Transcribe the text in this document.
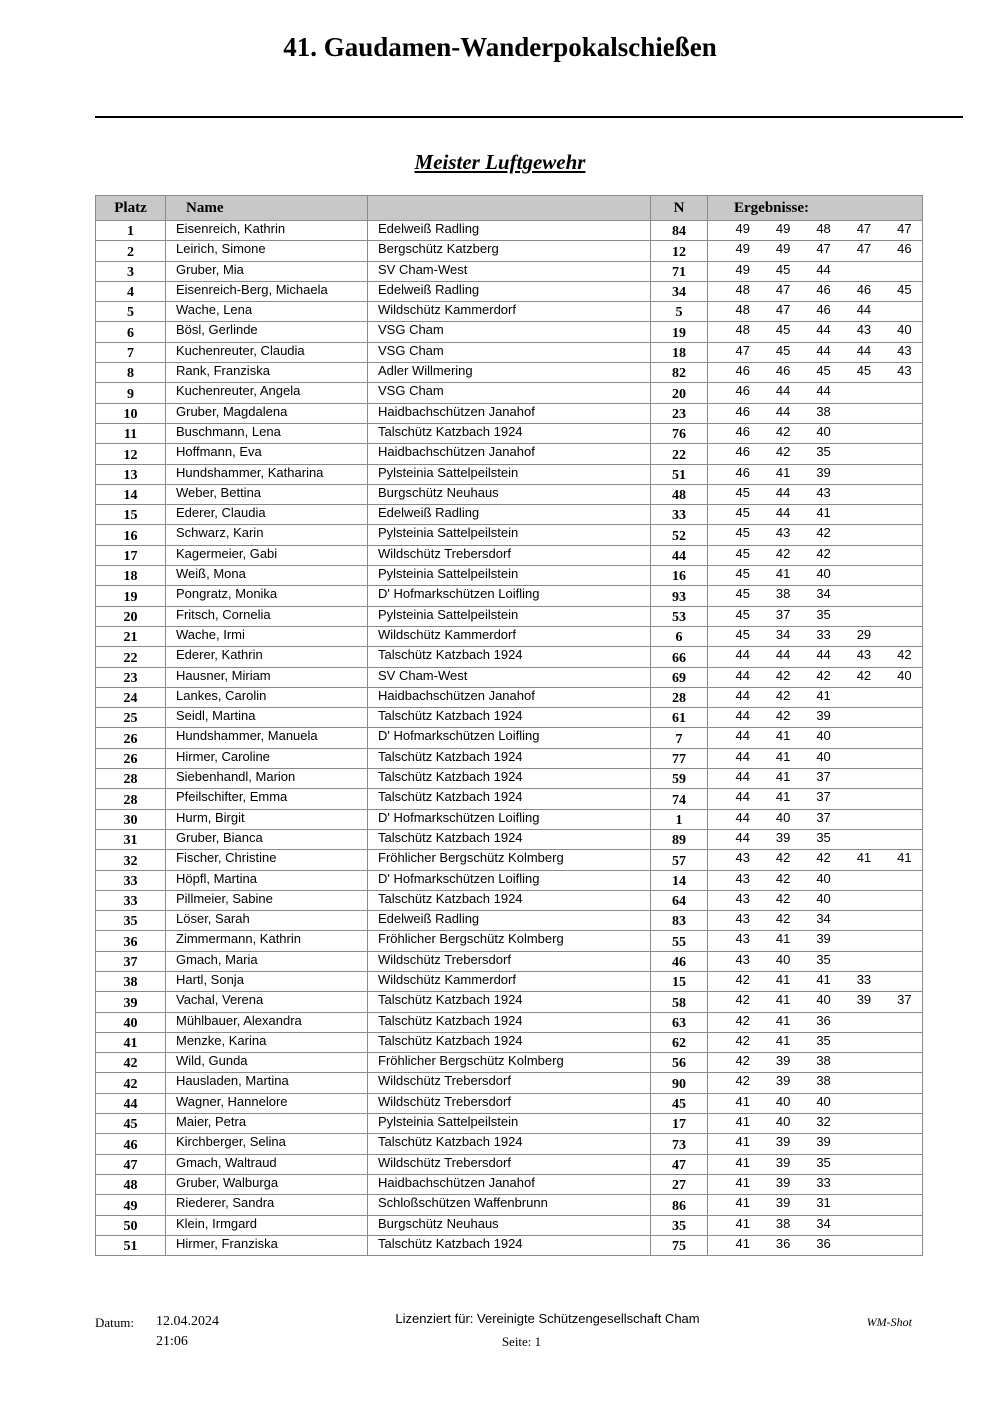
41. Gaudamen-Wanderpokalschießen
Meister Luftgewehr
Platz	Name		N	Ergebnisse:
1	Eisenreich, Kathrin	Edelweiß Radling	84	49 49 48 47 47

2	Leirich, Simone	Bergschütz Katzberg	12	49 49 47 47 46

3	Gruber, Mia	SV Cham-West	71	49 45 44

4	Eisenreich-Berg, Michaela	Edelweiß Radling	34	48 47 46 46 45

5	Wache, Lena	Wildschütz Kammerdorf	5	48 47 46 44

6	Bösl, Gerlinde	VSG Cham	19	48 45 44 43 40

7	Kuchenreuter, Claudia	VSG Cham	18	47 45 44 44 43

8	Rank, Franziska	Adler Willmering	82	46 46 45 45 43

9	Kuchenreuter, Angela	VSG Cham	20	46 44 44

10	Gruber, Magdalena	Haidbachschützen Janahof	23	46 44 38

11	Buschmann, Lena	Talschütz Katzbach 1924	76	46 42 40

12	Hoffmann, Eva	Haidbachschützen Janahof	22	46 42 35

13	Hundshammer, Katharina	Pylsteinia Sattelpeilstein	51	46 41 39

14	Weber, Bettina	Burgschütz Neuhaus	48	45 44 43

15	Ederer, Claudia	Edelweiß Radling	33	45 44 41

16	Schwarz, Karin	Pylsteinia Sattelpeilstein	52	45 43 42

17	Kagermeier, Gabi	Wildschütz Trebersdorf	44	45 42 42

18	Weiß, Mona	Pylsteinia Sattelpeilstein	16	45 41 40

19	Pongratz, Monika	D' Hofmarkschützen Loifling	93	45 38 34

20	Fritsch, Cornelia	Pylsteinia Sattelpeilstein	53	45 37 35

21	Wache, Irmi	Wildschütz Kammerdorf	6	45 34 33 29

22	Ederer, Kathrin	Talschütz Katzbach 1924	66	44 44 44 43 42

23	Hausner, Miriam	SV Cham-West	69	44 42 42 42 40

24	Lankes, Carolin	Haidbachschützen Janahof	28	44 42 41

25	Seidl, Martina	Talschütz Katzbach 1924	61	44 42 39

26	Hundshammer, Manuela	D' Hofmarkschützen Loifling	7	44 41 40

26	Hirmer, Caroline	Talschütz Katzbach 1924	77	44 41 40

28	Siebenhandl, Marion	Talschütz Katzbach 1924	59	44 41 37

28	Pfeilschifter, Emma	Talschütz Katzbach 1924	74	44 41 37

30	Hurm, Birgit	D' Hofmarkschützen Loifling	1	44 40 37

31	Gruber, Bianca	Talschütz Katzbach 1924	89	44 39 35

32	Fischer, Christine	Fröhlicher Bergschütz Kolmberg	57	43 42 42 41 41

33	Höpfl, Martina	D' Hofmarkschützen Loifling	14	43 42 40

33	Pillmeier, Sabine	Talschütz Katzbach 1924	64	43 42 40

35	Löser, Sarah	Edelweiß Radling	83	43 42 34

36	Zimmermann, Kathrin	Fröhlicher Bergschütz Kolmberg	55	43 41 39

37	Gmach, Maria	Wildschütz Trebersdorf	46	43 40 35

38	Hartl, Sonja	Wildschütz Kammerdorf	15	42 41 41 33

39	Vachal, Verena	Talschütz Katzbach 1924	58	42 41 40 39 37

40	Mühlbauer, Alexandra	Talschütz Katzbach 1924	63	42 41 36

41	Menzke, Karina	Talschütz Katzbach 1924	62	42 41 35

42	Wild, Gunda	Fröhlicher Bergschütz Kolmberg	56	42 39 38

42	Hausladen, Martina	Wildschütz Trebersdorf	90	42 39 38

44	Wagner, Hannelore	Wildschütz Trebersdorf	45	41 40 40

45	Maier, Petra	Pylsteinia Sattelpeilstein	17	41 40 32

46	Kirchberger, Selina	Talschütz Katzbach 1924	73	41 39 39

47	Gmach, Waltraud	Wildschütz Trebersdorf	47	41 39 35

48	Gruber, Walburga	Haidbachschützen Janahof	27	41 39 33

49	Riederer, Sandra	Schloßschützen Waffenbrunn	86	41 39 31

50	Klein, Irmgard	Burgschütz Neuhaus	35	41 38 34

51	Hirmer, Franziska	Talschütz Katzbach 1924	75	41 36 36
Datum: 12.04.2024
21:06
Lizenziert für: Vereinigte Schützengesellschaft Cham
Seite: 1
WM-Shot
